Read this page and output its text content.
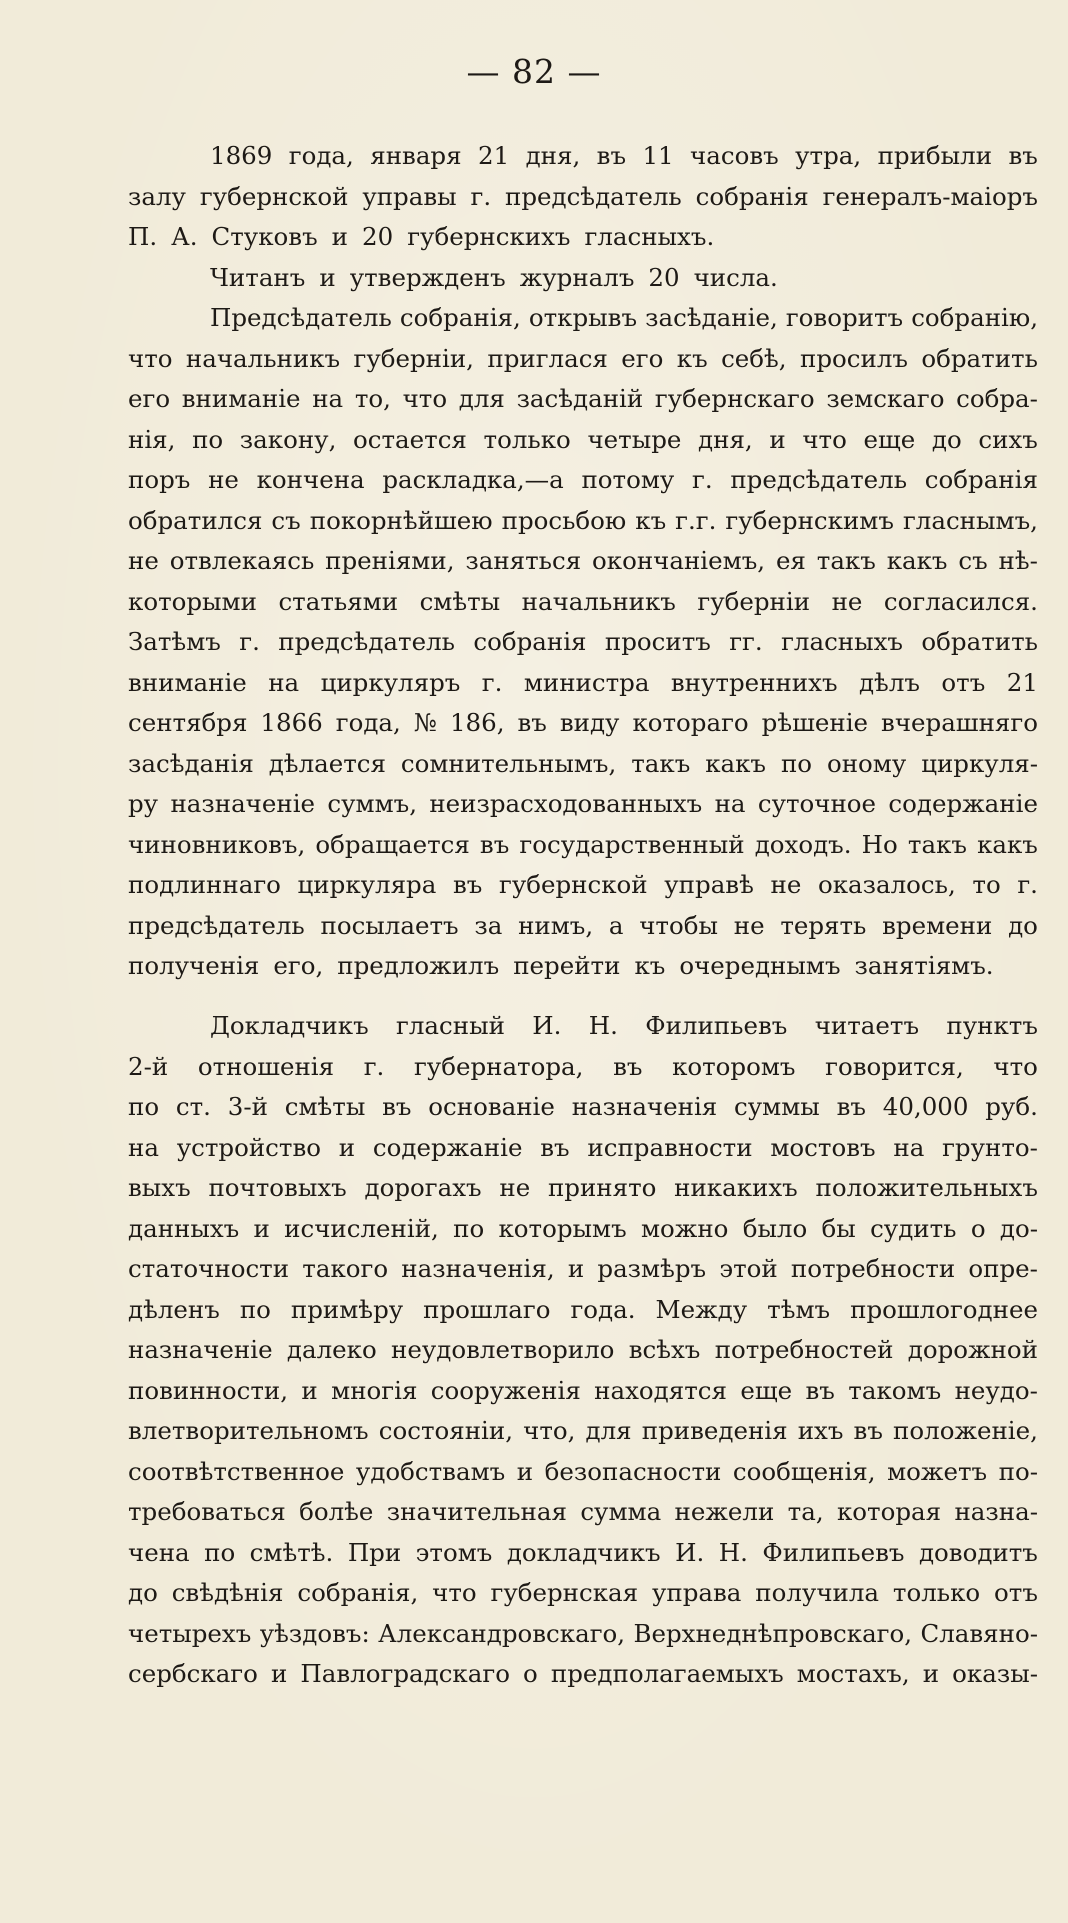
— 82 —
1869 года, января 21 дня, въ 11 часовъ утра, прибыли въ
залу губернской управы г. предсѣдатель собранія генералъ-маіоръ
П. А. Стуковъ и 20 губернскихъ гласныхъ.
Читанъ и утвержденъ журналъ 20 числа.
Предсѣдатель собранія, открывъ засѣданіе, говоритъ собранію,
что начальникъ губерніи, приглася его къ себѣ, просилъ обратить
его вниманіе на то, что для засѣданій губернскаго земскаго собра-
нія, по закону, остается только четыре дня, и что еще до сихъ
поръ не кончена раскладка,—а потому г. предсѣдатель собранія
обратился съ покорнѣйшею просьбою къ г.г. губернскимъ гласнымъ,
не отвлекаясь преніями, заняться окончаніемъ, ея такъ какъ съ нѣ-
которыми статьями смѣты начальникъ губерніи не согласился.
Затѣмъ г. предсѣдатель собранія проситъ гг. гласныхъ обратить
вниманіе на циркуляръ г. министра внутреннихъ дѣлъ отъ 21
сентября 1866 года, № 186, въ виду котораго рѣшеніе вчерашняго
засѣданія дѣлается сомнительнымъ, такъ какъ по оному циркуля-
ру назначеніе суммъ, неизрасходованныхъ на суточное содержаніе
чиновниковъ, обращается въ государственный доходъ. Но такъ какъ
подлиннаго циркуляра въ губернской управѣ не оказалось, то г.
предсѣдатель посылаетъ за нимъ, а чтобы не терять времени до
полученія его, предложилъ перейти къ очереднымъ занятіямъ.
Докладчикъ гласный И. Н. Филипьевъ читаетъ пунктъ
2-й отношенія г. губернатора, въ которомъ говорится, что
по ст. 3-й смѣты въ основаніе назначенія суммы въ 40,000 руб.
на устройство и содержаніе въ исправности мостовъ на грунто-
выхъ почтовыхъ дорогахъ не принято никакихъ положительныхъ
данныхъ и исчисленій, по которымъ можно было бы судить о до-
статочности такого назначенія, и размѣръ этой потребности опре-
дѣленъ по примѣру прошлаго года. Между тѣмъ прошлогоднее
назначеніе далеко неудовлетворило всѣхъ потребностей дорожной
повинности, и многія сооруженія находятся еще въ такомъ неудо-
влетворительномъ состояніи, что, для приведенія ихъ въ положеніе,
соотвѣтственное удобствамъ и безопасности сообщенія, можетъ по-
требоваться болѣе значительная сумма нежели та, которая назна-
чена по смѣтѣ. При этомъ докладчикъ И. Н. Филипьевъ доводитъ
до свѣдѣнія собранія, что губернская управа получила только отъ
четырехъ уѣздовъ: Александровскаго, Верхнеднѣпровскаго, Славяно-
сербскаго и Павлоградскаго о предполагаемыхъ мостахъ, и оказы-
